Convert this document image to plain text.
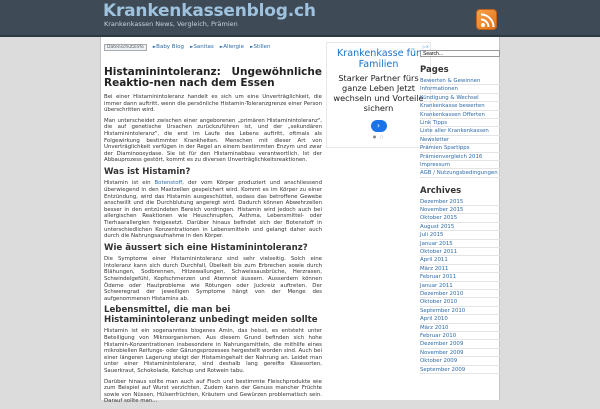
Krankenkassenblog.ch
Krankenkassen News, Vergleich, Prämien
Datenschutzinfo	►Baby Blog ►Sanitas ►Allergie ►Stillen	▷✕
Krankenkasse für Familien
Starker Partner fürs ganze Leben Jetzt wechseln und Vorteile sichern
›
● ○
Histaminintoleranz: Ungewöhnliche Reaktio-nen nach dem Essen

Bei einer Histaminintoleranz handelt es sich um eine Unverträglichkeit, die immer dann auftritt, wenn die persönliche Histamin-Toleranzgrenze einer Person überschritten wird.

Man unterscheidet zwischen einer angeborenen „primären Histaminintoleranz", die auf genetische Ursachen zurückzuführen ist, und der „sekundären Histaminintoleranz", die erst im Laufe des Lebens auftritt, oftmals als Folgewirkung bestimmter Krankheiten. Menschen mit dieser Art von Unverträglichkeit verfügen in der Regel an einem bestimmten Enzym und zwar der Diaminooxydase. Sie ist für den Histaminabbau verantwortlich. Ist der Abbauprozess gestört, kommt es zu diversen Unverträglichkeitsreaktionen.

Was ist Histamin?

Histamin ist ein Botenstoff, der vom Körper produziert und anschliessend überwiegend in den Mastzellen gespeichert wird. Kommt es im Körper zu einer Entzündung, wird das Histamin ausgeschüttet, sodass das betroffene Gewebe anschwillt und die Durchblutung angeregt wird. Dadurch können Abwehrzellen besser in den entzündeten Bereich vordringen. Histamin wird jedoch auch bei allergischen Reaktionen wie Heuschnupfen, Asthma, Lebensmittel- oder Tierhaarallergien freigesetzt. Darüber hinaus befindet sich der Botenstoff in unterschiedlichen Konzentrationen in Lebensmitteln und gelangt daher auch durch die Nahrungsaufnahme in den Körper.

Wie äussert sich eine Histaminintoleranz?

Die Symptome einer Histaminintoleranz sind sehr vielseitig. Solch eine Intoleranz kann sich durch Durchfall, Übelkeit bis zum Erbrechen sowie durch Blähungen, Sodbrennen, Hitzewallungen, Schweissausbrüche, Herzrasen, Schwindelgefühl, Kopfschmerzen und Atemnot äussern. Ausserdem können Ödeme oder Hautprobleme wie Rötungen oder Juckreiz auftreten. Der Schweregrad der jeweiligen Symptome hängt von der Menge des aufgenommenen Histamins ab.

Lebensmittel, die man bei Histaminintoleranz unbedingt meiden sollte

Histamin ist ein sogenanntes biogenes Amin, das heisst, es entsteht unter Beteiligung von Mikroorganismen. Aus diesem Grund befinden sich hohe Histamin-Konzentrationen insbesondere in Nahrungsmitteln, die mithilfe eines mikrobiellen Reifungs- oder Gärungsprozesses hergestellt worden sind. Auch bei einer längeren Lagerung steigt der Histamingehalt der Nahrung an. Leidet man unter einer Histaminintoleranz, sind deshalb lang gereifte Käsesorten, Sauerkraut, Schokolade, Ketchup und Rotwein tabu.

Darüber hinaus sollte man auch auf Fisch und bestimmte Fleischprodukte wie zum Beispiel auf Wurst verzichten. Zudem kann der Genuss mancher Früchte sowie von Nüssen, Hülsenfrüchten, Kräutern und Gewürzen problematisch sein. Darauf sollte man...

Search...
Pages
Bewerten & Gewinnen
Informationen
Kündigung & Wechsel
Krankenkasse bewerten
Krankenkassen Offerten
Link Tipps
Liste aller Krankenkassen
Newsletter
Prämien Spartipps
Prämienvergleich 2016
Impressum
AGB / Nutzungsbedingungen
Archives
Dezember 2015
November 2015
Oktober 2015
August 2015
Juli 2015
Januar 2015
Oktober 2011
April 2011
März 2011
Februar 2011
Januar 2011
Dezember 2010
Oktober 2010
September 2010
April 2010
März 2010
Februar 2010
Dezember 2009
November 2009
Oktober 2009
September 2009
